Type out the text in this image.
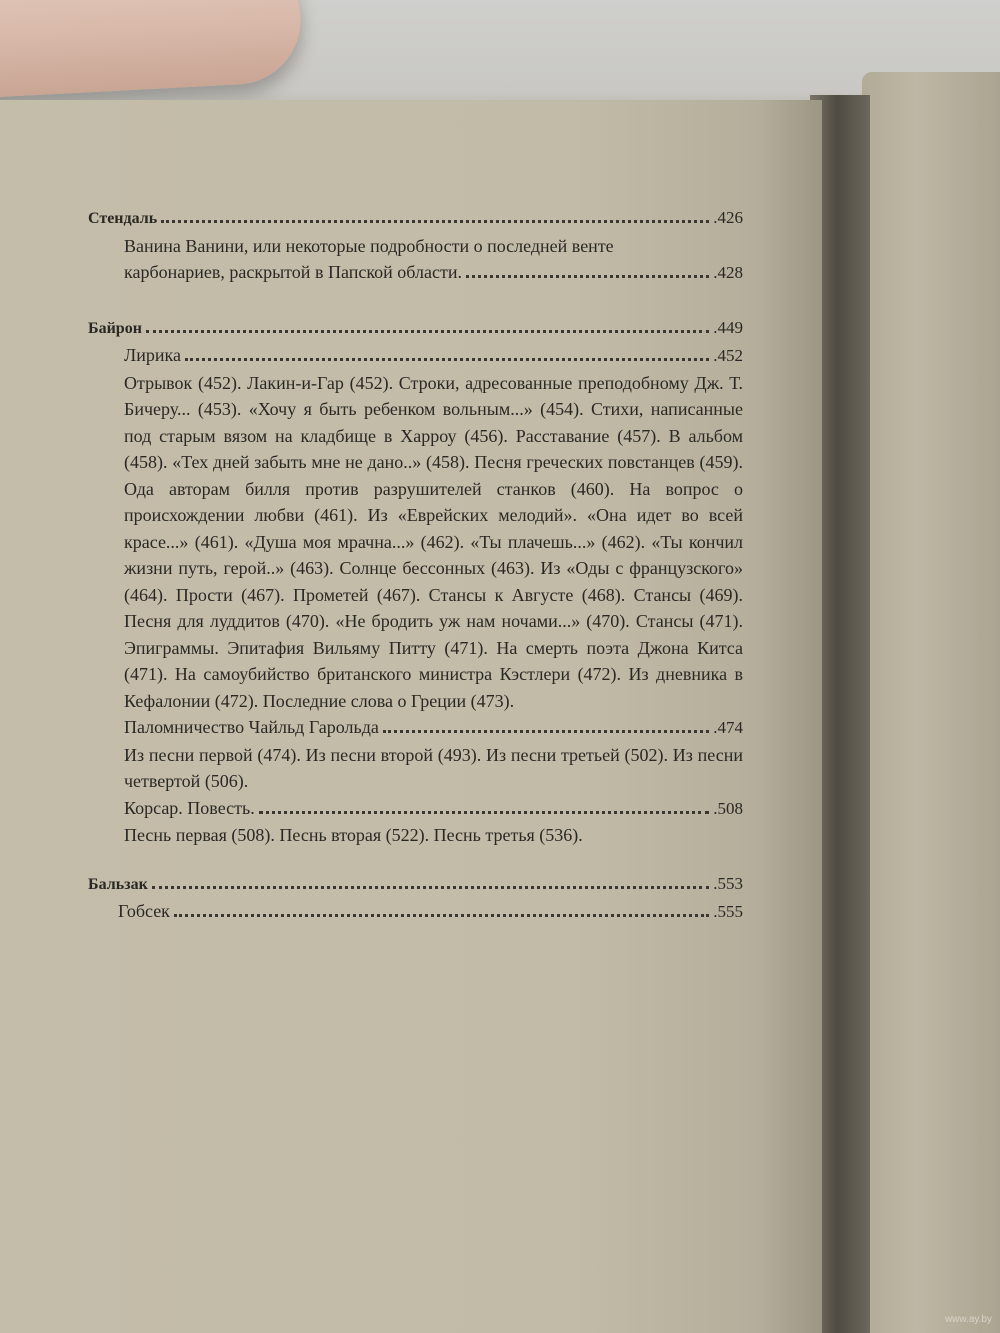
Стендаль	.426
Ванина Ванини, или некоторые подробности о последней венте
карбонариев, раскрытой в Папской области.	.428
Байрон	.449
Лирика	.452
Отрывок (452). Лакин-и-Гар (452). Строки, адресованные преподобному Дж. Т. Бичеру... (453). «Хочу я быть ребенком вольным...» (454). Стихи, написанные под старым вязом на кладбище в Харроу (456). Расставание (457). В альбом (458). «Тех дней забыть мне не дано..» (458). Песня греческих повстанцев (459). Ода авторам билля против разрушителей станков (460). На вопрос о происхождении любви (461). Из «Еврейских мелодий». «Она идет во всей красе...» (461). «Душа моя мрачна...» (462). «Ты плачешь...» (462). «Ты кончил жизни путь, герой..» (463). Солнце бессонных (463). Из «Оды с французского» (464). Прости (467). Прометей (467). Стансы к Августе (468). Стансы (469). Песня для луддитов (470). «Не бродить уж нам ночами...» (470). Стансы (471). Эпиграммы. Эпитафия Вильяму Питту (471). На смерть поэта Джона Китса (471). На самоубийство британского министра Кэстлери (472). Из дневника в Кефалонии (472). Последние слова о Греции (473).
Паломничество Чайльд Гарольда	.474
Из песни первой (474). Из песни второй (493). Из песни третьей (502). Из песни четвертой (506).
Корсар. Повесть.	.508
Песнь первая (508). Песнь вторая (522). Песнь третья (536).
Бальзак	.553
Гобсек	.555
www.ay.by
